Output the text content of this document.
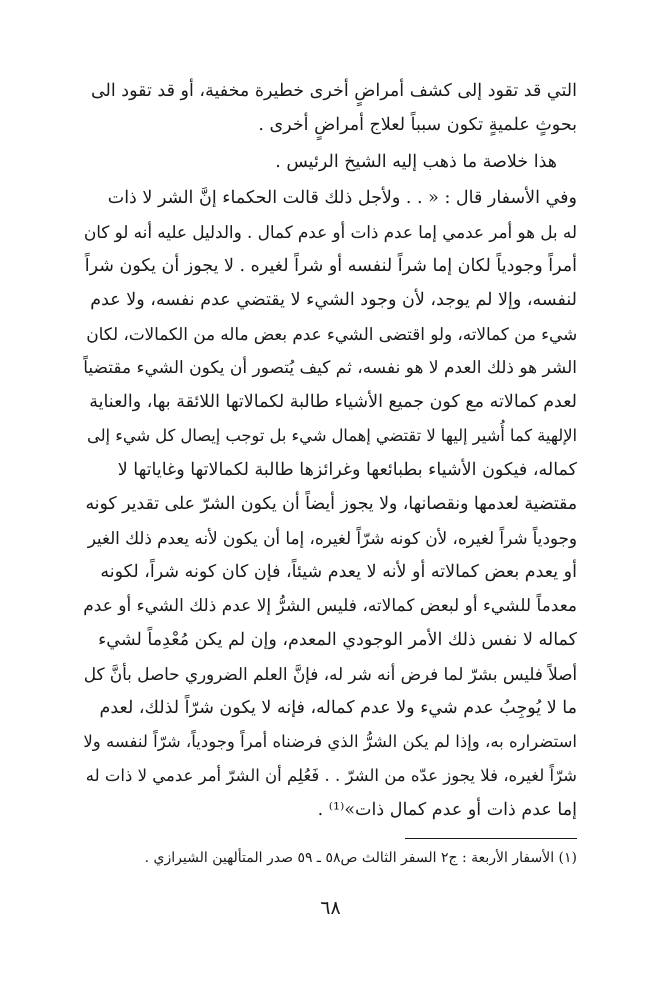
التي قد تقود إلى كشف أمراضٍ أخرى خطيرة مخفية، أو قد تقود الى
بحوثٍ علميةٍ تكون سبباً لعلاج أمراضٍ أخرى .
هذا خلاصة ما ذهب إليه الشيخ الرئيس .
وفي الأسفار قال : « . . ولأجل ذلك قالت الحكماء إنَّ الشر لا ذات
له بل هو أمر عدمي إما عدم ذات أو عدم كمال . والدليل عليه أنه لو كان
أمراً وجودياً لكان إما شراً لنفسه أو شراً لغيره . لا يجوز أن يكون شراً
لنفسه، وإلا لم يوجد، لأن وجود الشيء لا يقتضي عدم نفسه، ولا عدم
شيء من كمالاته، ولو اقتضى الشيء عدم بعض ماله من الكمالات، لكان
الشر هو ذلك العدم لا هو نفسه، ثم كيف يُتصور أن يكون الشيء مقتضياً
لعدم كمالاته مع كون جميع الأشياء طالبة لكمالاتها اللائقة بها، والعناية
الإلهية كما أُشير إليها لا تقتضي إهمال شيء بل توجب إيصال كل شيء إلى
كماله، فيكون الأشياء بطبائعها وغرائزها طالبة لكمالاتها وغاياتها لا
مقتضية لعدمها ونقصانها، ولا يجوز أيضاً أن يكون الشرّ على تقدير كونه
وجودياً شراً لغيره، لأن كونه شرّاً لغيره، إما أن يكون لأنه يعدم ذلك الغير
أو يعدم بعض كمالاته أو لأنه لا يعدم شيئاً، فإن كان كونه شراً، لكونه
معدماً للشيء أو لبعض كمالاته، فليس الشرُّ إلا عدم ذلك الشيء أو عدم
كماله لا نفس ذلك الأمر الوجودي المعدم، وإن لم يكن مُعْدِماً لشيء
أصلاً فليس بشرّ لما فرض أنه شر له، فإنَّ العلم الضروري حاصل بأنَّ كل
ما لا يُوجِبُ عدم شيء ولا عدم كماله، فإنه لا يكون شرّاً لذلك، لعدم
استضراره به، وإذا لم يكن الشرُّ الذي فرضناه أمراً وجودياً، شرّاً لنفسه ولا
شرّاً لغيره، فلا يجوز عدّه من الشرّ . . فَعُلِم أن الشرّ أمر عدمي لا ذات له
إما عدم ذات أو عدم كمال ذات»⁽¹⁾ .
(١) الأسفار الأربعة : ج٢ السفر الثالث ص٥٨ ـ ٥٩ صدر المتألهين الشيرازي .
٦٨
